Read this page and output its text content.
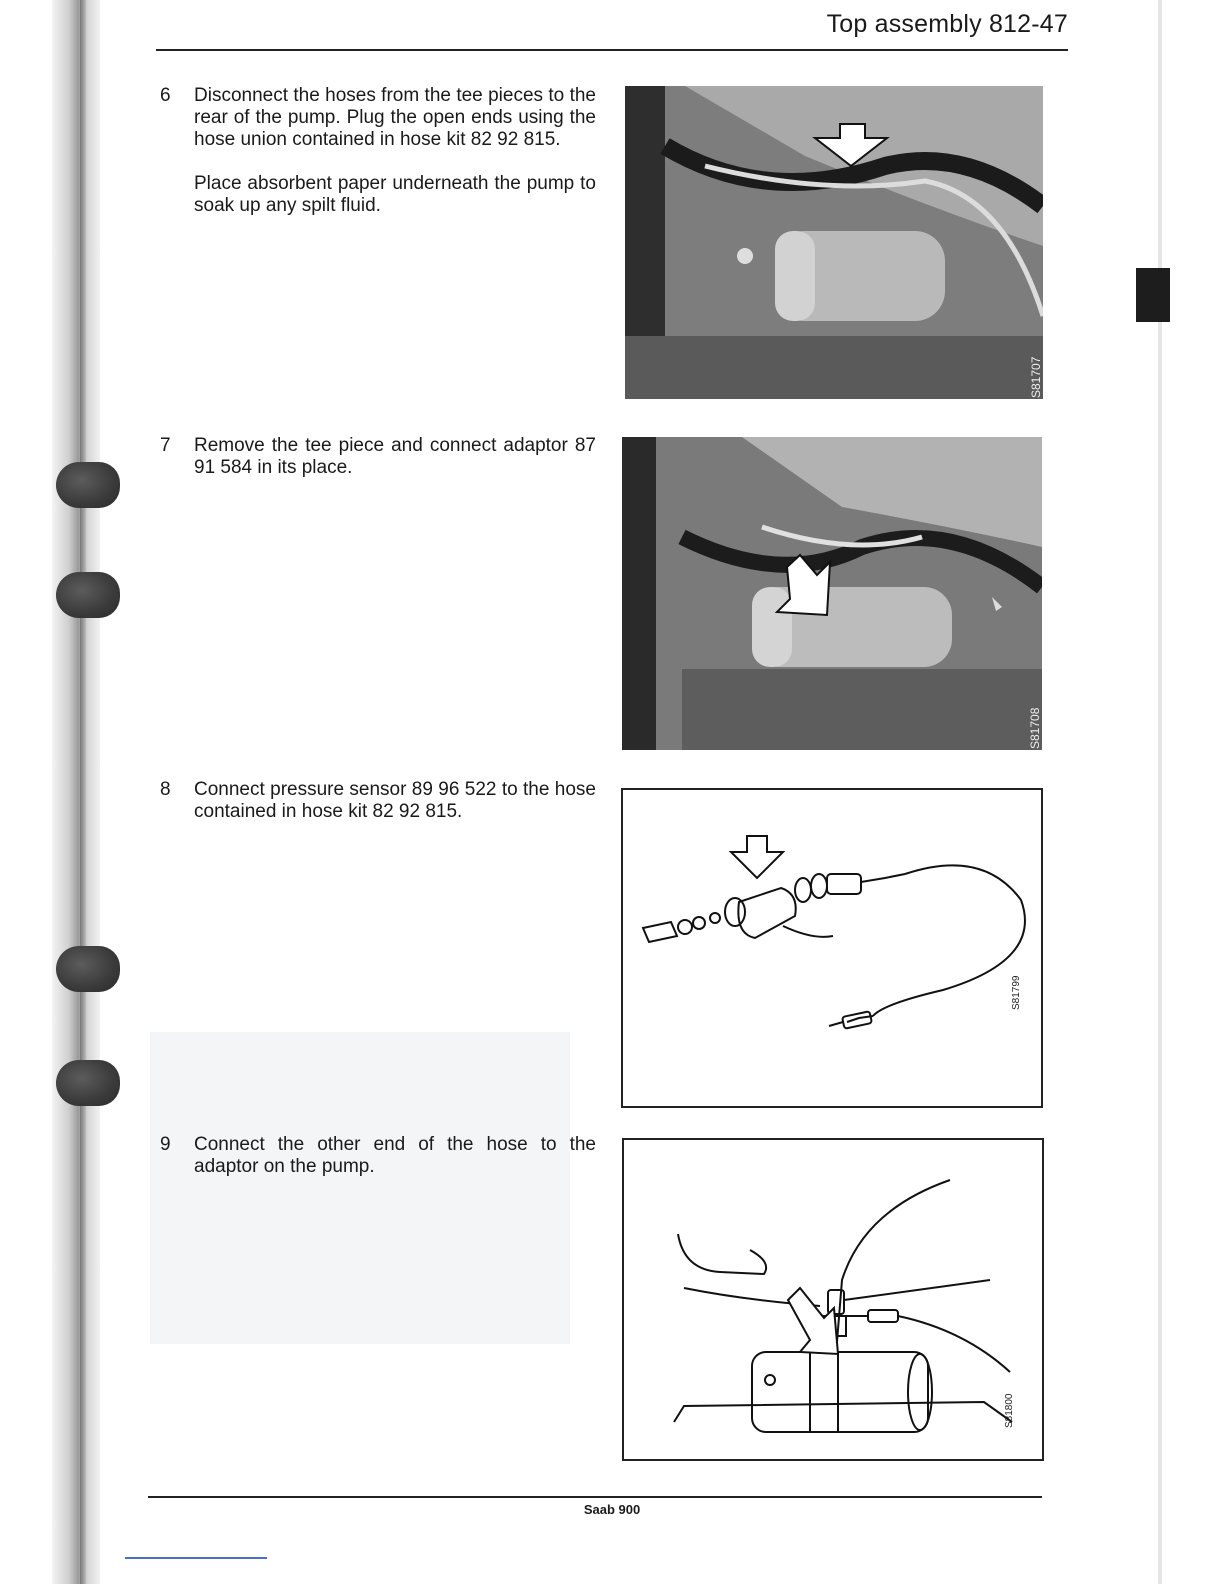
Top assembly 812-47
6 Disconnect the hoses from the tee pieces to the rear of the pump. Plug the open ends using the hose union contained in hose kit 82 92 815.

Place absorbent paper underneath the pump to soak up any spilt fluid.

7 Remove the tee piece and connect adaptor 87 91 584 in its place.

8 Connect pressure sensor 89 96 522 to the hose contained in hose kit 82 92 815.

9 Connect the other end of the hose to the adaptor on the pump.

S81707
S81708
S81799
S81800
Saab 900
